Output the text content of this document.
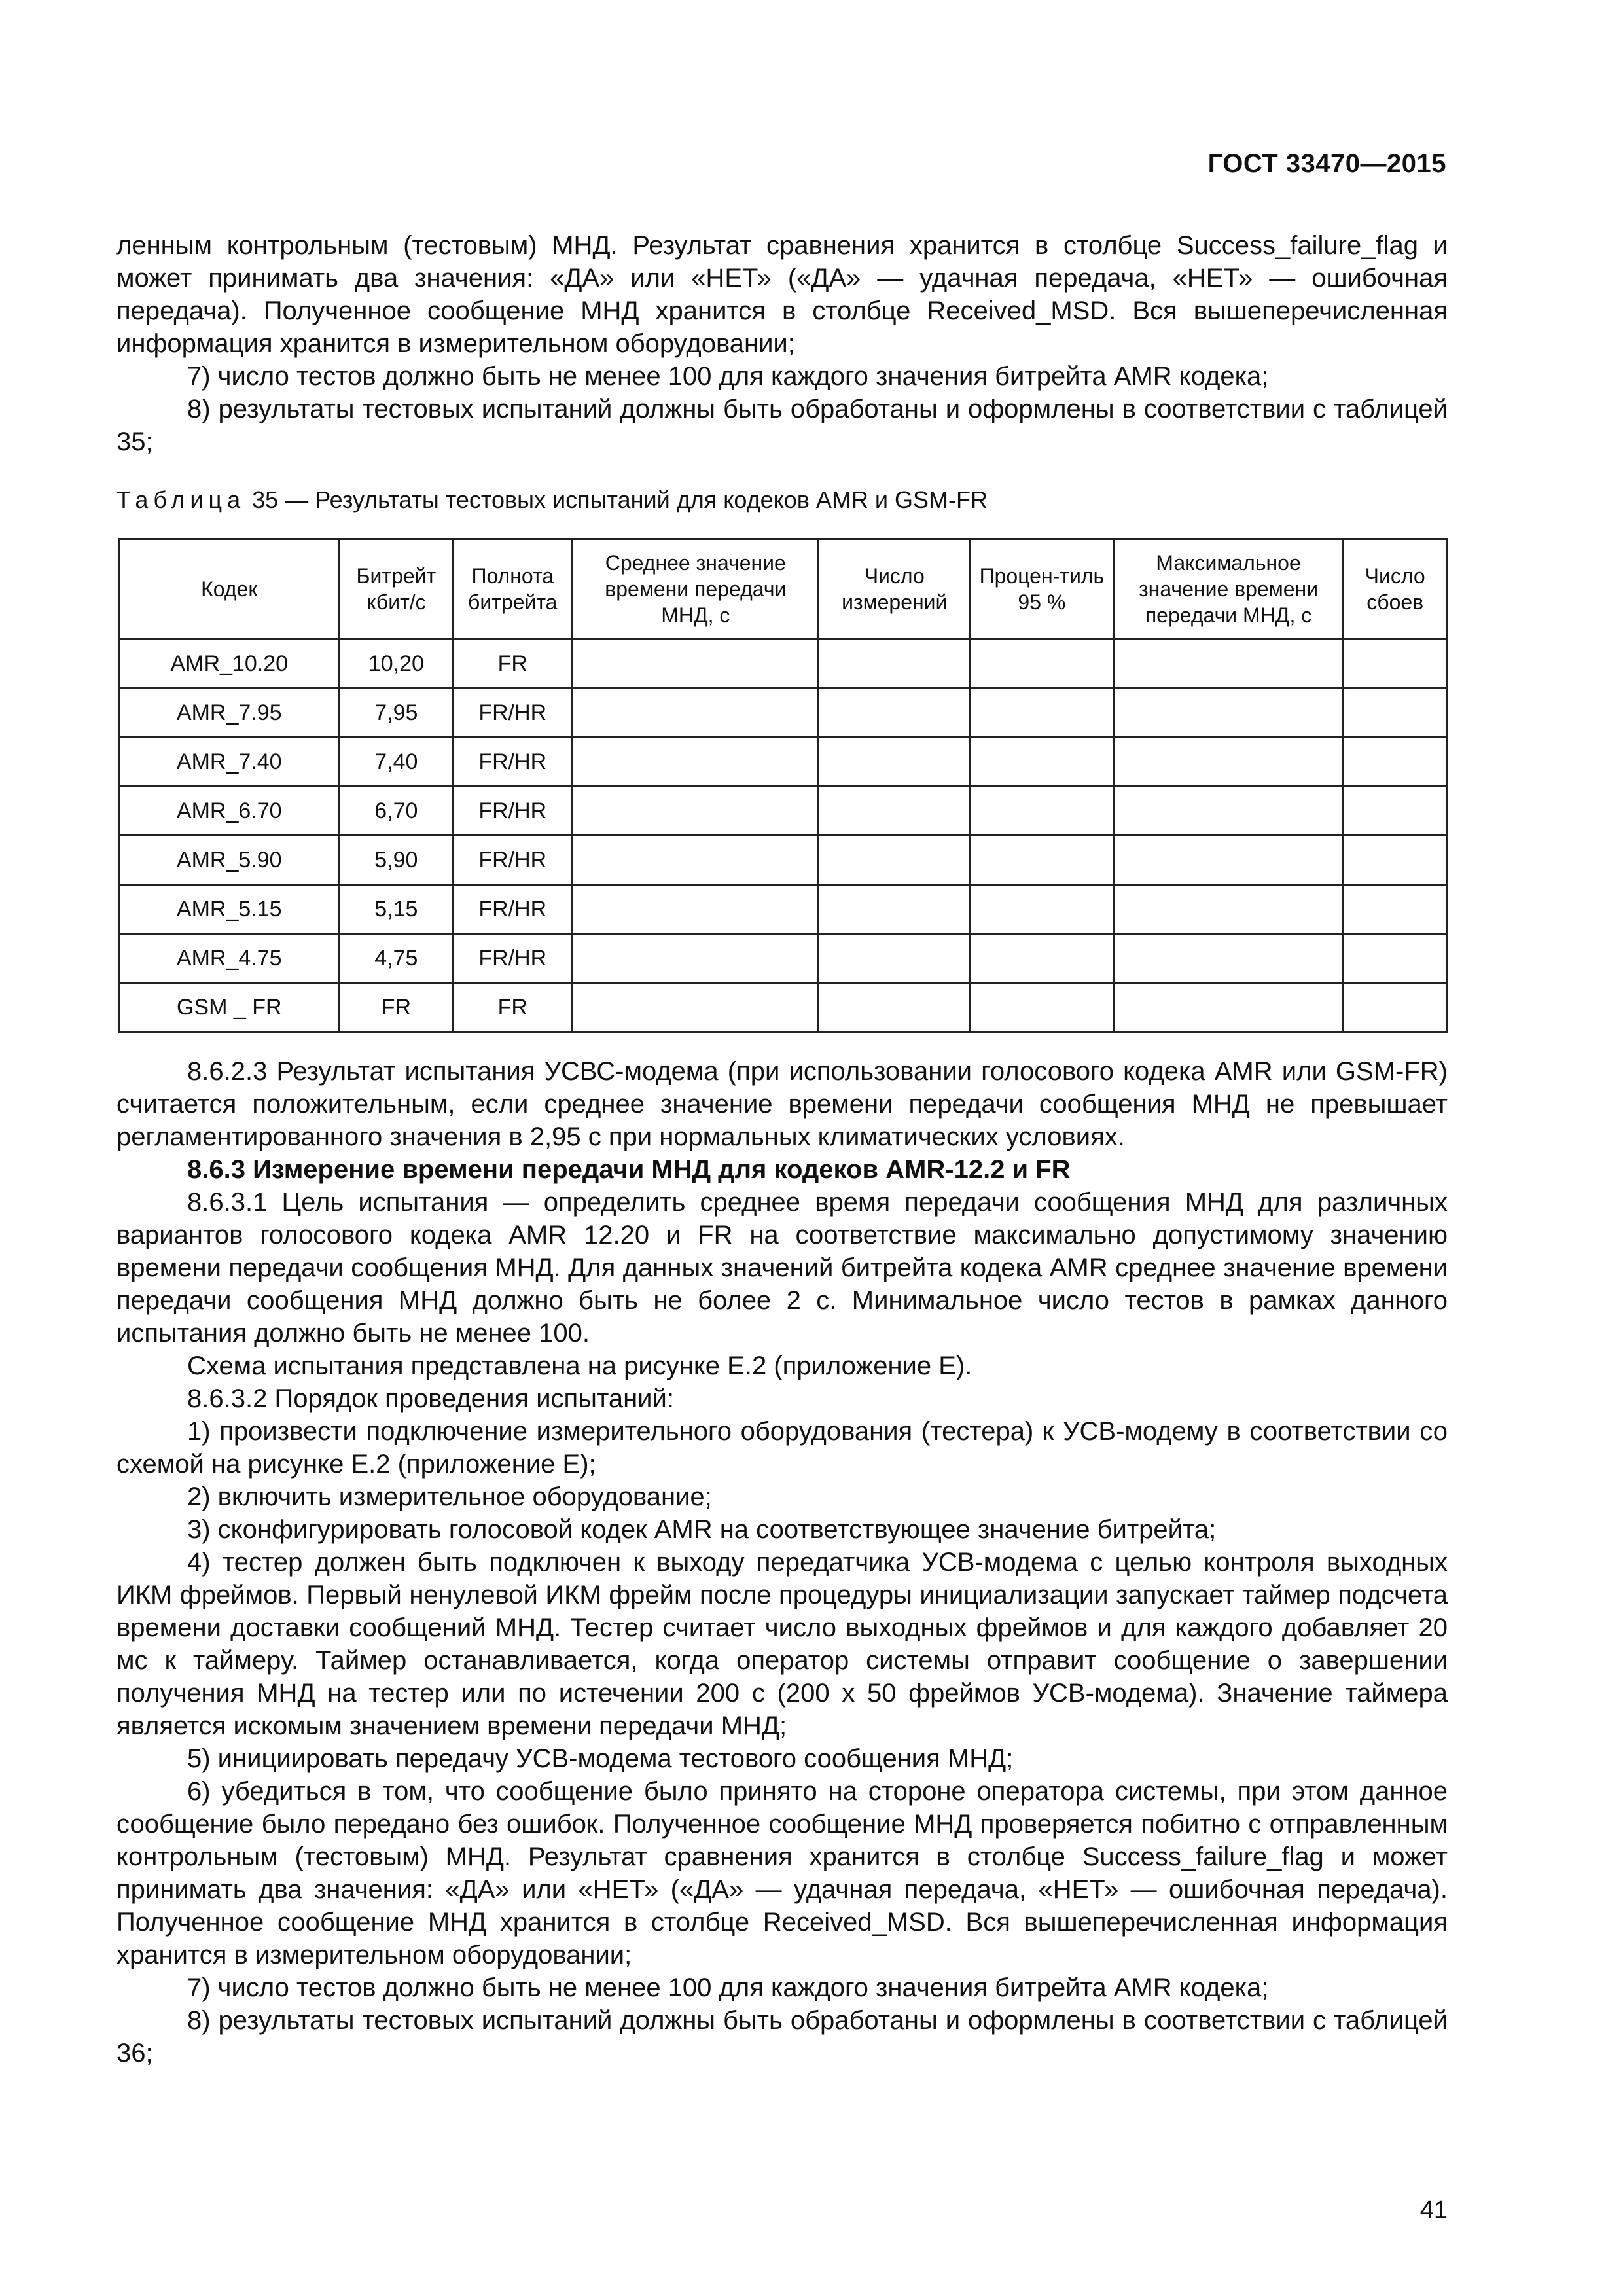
ГОСТ 33470—2015

ленным контрольным (тестовым) МНД. Результат сравнения хранится в столбце Success_failure_flag и может принимать два значения: «ДА» или «НЕТ» («ДА» — удачная передача, «НЕТ» — ошибочная передача). Полученное сообщение МНД хранится в столбце Received_MSD. Вся вышеперечисленная информация хранится в измерительном оборудовании;

7) число тестов должно быть не менее 100 для каждого значения битрейта AMR кодека;

8) результаты тестовых испытаний должны быть обработаны и оформлены в соответствии с таблицей 35;

Таблица 35 — Результаты тестовых испытаний для кодеков AMR и GSM-FR
Кодек	Битрейт кбит/с	Полнота битрейта	Среднее значение времени передачи МНД, с	Число измерений	Процен-тиль 95 %	Максимальное значение времени передачи МНД, с	Число сбоев
AMR_10.20	10,20	FR					
AMR_7.95	7,95	FR/HR					
AMR_7.40	7,40	FR/HR					
AMR_6.70	6,70	FR/HR					
AMR_5.90	5,90	FR/HR					
AMR_5.15	5,15	FR/HR					
AMR_4.75	4,75	FR/HR					
GSM _ FR	FR	FR					

8.6.2.3 Результат испытания УСВС-модема (при использовании голосового кодека AMR или GSM-FR) считается положительным, если среднее значение времени передачи сообщения МНД не превышает регламентированного значения в 2,95 с при нормальных климатических условиях.

8.6.3 Измерение времени передачи МНД для кодеков AMR-12.2 и FR

8.6.3.1 Цель испытания — определить среднее время передачи сообщения МНД для различных вариантов голосового кодека AMR 12.20 и FR на соответствие максимально допустимому значению времени передачи сообщения МНД. Для данных значений битрейта кодека AMR среднее значение времени передачи сообщения МНД должно быть не более 2 с. Минимальное число тестов в рамках данного испытания должно быть не менее 100.

Схема испытания представлена на рисунке Е.2 (приложение Е).

8.6.3.2 Порядок проведения испытаний:

1) произвести подключение измерительного оборудования (тестера) к УСВ-модему в соответствии со схемой на рисунке Е.2 (приложение Е);

2) включить измерительное оборудование;

3) сконфигурировать голосовой кодек AMR на соответствующее значение битрейта;

4) тестер должен быть подключен к выходу передатчика УСВ-модема с целью контроля выходных ИКМ фреймов. Первый ненулевой ИКМ фрейм после процедуры инициализации запускает таймер подсчета времени доставки сообщений МНД. Тестер считает число выходных фреймов и для каждого добавляет 20 мс к таймеру. Таймер останавливается, когда оператор системы отправит сообщение о завершении получения МНД на тестер или по истечении 200 с (200 х 50 фреймов УСВ-модема). Значение таймера является искомым значением времени передачи МНД;

5) инициировать передачу УСВ-модема тестового сообщения МНД;

6) убедиться в том, что сообщение было принято на стороне оператора системы, при этом данное сообщение было передано без ошибок. Полученное сообщение МНД проверяется побитно с отправленным контрольным (тестовым) МНД. Результат сравнения хранится в столбце Success_failure_flag и может принимать два значения: «ДА» или «НЕТ» («ДА» — удачная передача, «НЕТ» — ошибочная передача). Полученное сообщение МНД хранится в столбце Received_MSD. Вся вышеперечисленная информация хранится в измерительном оборудовании;

7) число тестов должно быть не менее 100 для каждого значения битрейта AMR кодека;

8) результаты тестовых испытаний должны быть обработаны и оформлены в соответствии с таблицей 36;

41
